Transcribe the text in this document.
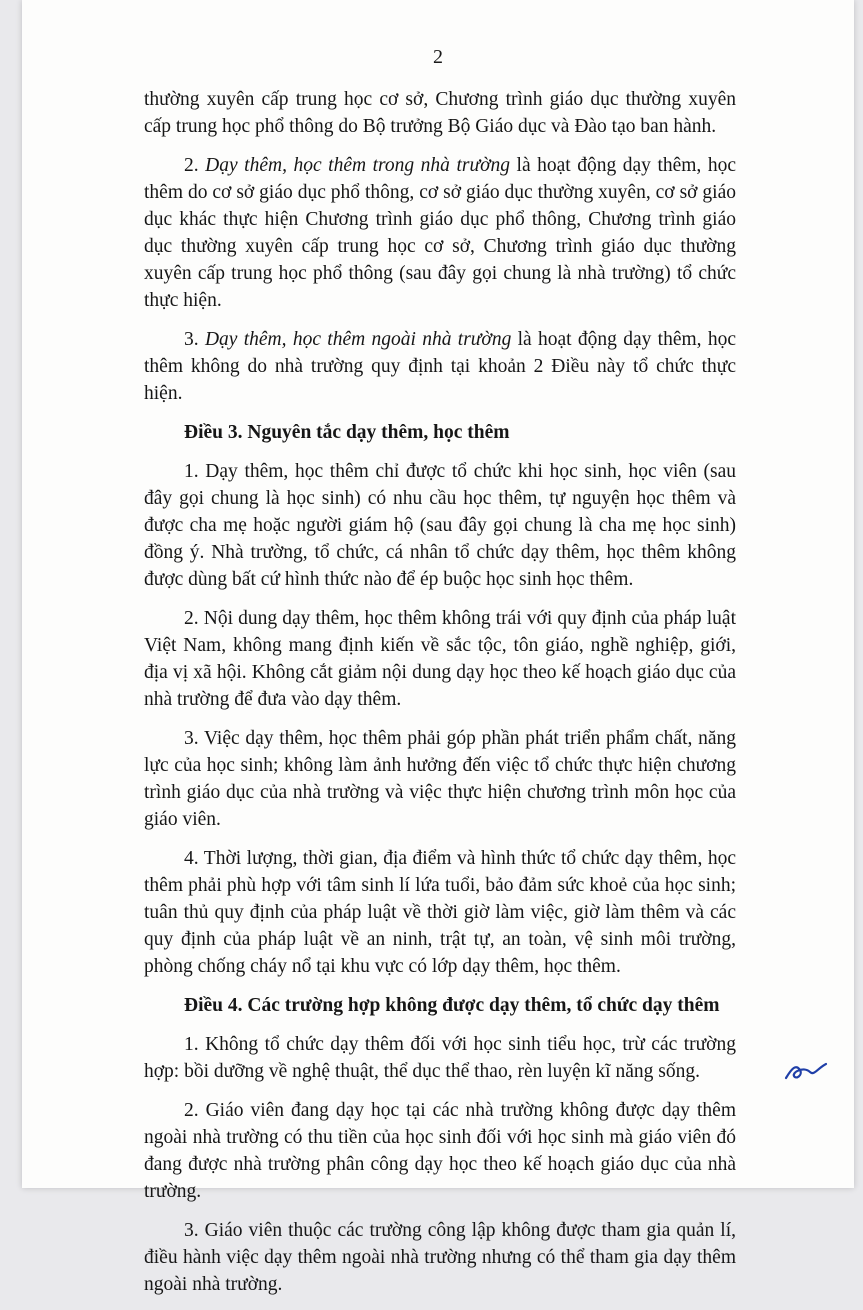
2

thường xuyên cấp trung học cơ sở, Chương trình giáo dục thường xuyên cấp trung học phổ thông do Bộ trưởng Bộ Giáo dục và Đào tạo ban hành.

2. Dạy thêm, học thêm trong nhà trường là hoạt động dạy thêm, học thêm do cơ sở giáo dục phổ thông, cơ sở giáo dục thường xuyên, cơ sở giáo dục khác thực hiện Chương trình giáo dục phổ thông, Chương trình giáo dục thường xuyên cấp trung học cơ sở, Chương trình giáo dục thường xuyên cấp trung học phổ thông (sau đây gọi chung là nhà trường) tổ chức thực hiện.

3. Dạy thêm, học thêm ngoài nhà trường là hoạt động dạy thêm, học thêm không do nhà trường quy định tại khoản 2 Điều này tổ chức thực hiện.

Điều 3. Nguyên tắc dạy thêm, học thêm

1. Dạy thêm, học thêm chỉ được tổ chức khi học sinh, học viên (sau đây gọi chung là học sinh) có nhu cầu học thêm, tự nguyện học thêm và được cha mẹ hoặc người giám hộ (sau đây gọi chung là cha mẹ học sinh) đồng ý. Nhà trường, tổ chức, cá nhân tổ chức dạy thêm, học thêm không được dùng bất cứ hình thức nào để ép buộc học sinh học thêm.

2. Nội dung dạy thêm, học thêm không trái với quy định của pháp luật Việt Nam, không mang định kiến về sắc tộc, tôn giáo, nghề nghiệp, giới, địa vị xã hội. Không cắt giảm nội dung dạy học theo kế hoạch giáo dục của nhà trường để đưa vào dạy thêm.

3. Việc dạy thêm, học thêm phải góp phần phát triển phẩm chất, năng lực của học sinh; không làm ảnh hưởng đến việc tổ chức thực hiện chương trình giáo dục của nhà trường và việc thực hiện chương trình môn học của giáo viên.

4. Thời lượng, thời gian, địa điểm và hình thức tổ chức dạy thêm, học thêm phải phù hợp với tâm sinh lí lứa tuổi, bảo đảm sức khoẻ của học sinh; tuân thủ quy định của pháp luật về thời giờ làm việc, giờ làm thêm và các quy định của pháp luật về an ninh, trật tự, an toàn, vệ sinh môi trường, phòng chống cháy nổ tại khu vực có lớp dạy thêm, học thêm.

Điều 4. Các trường hợp không được dạy thêm, tổ chức dạy thêm

1. Không tổ chức dạy thêm đối với học sinh tiểu học, trừ các trường hợp: bồi dưỡng về nghệ thuật, thể dục thể thao, rèn luyện kĩ năng sống.

2. Giáo viên đang dạy học tại các nhà trường không được dạy thêm ngoài nhà trường có thu tiền của học sinh đối với học sinh mà giáo viên đó đang được nhà trường phân công dạy học theo kế hoạch giáo dục của nhà trường.

3. Giáo viên thuộc các trường công lập không được tham gia quản lí, điều hành việc dạy thêm ngoài nhà trường nhưng có thể tham gia dạy thêm ngoài nhà trường.
